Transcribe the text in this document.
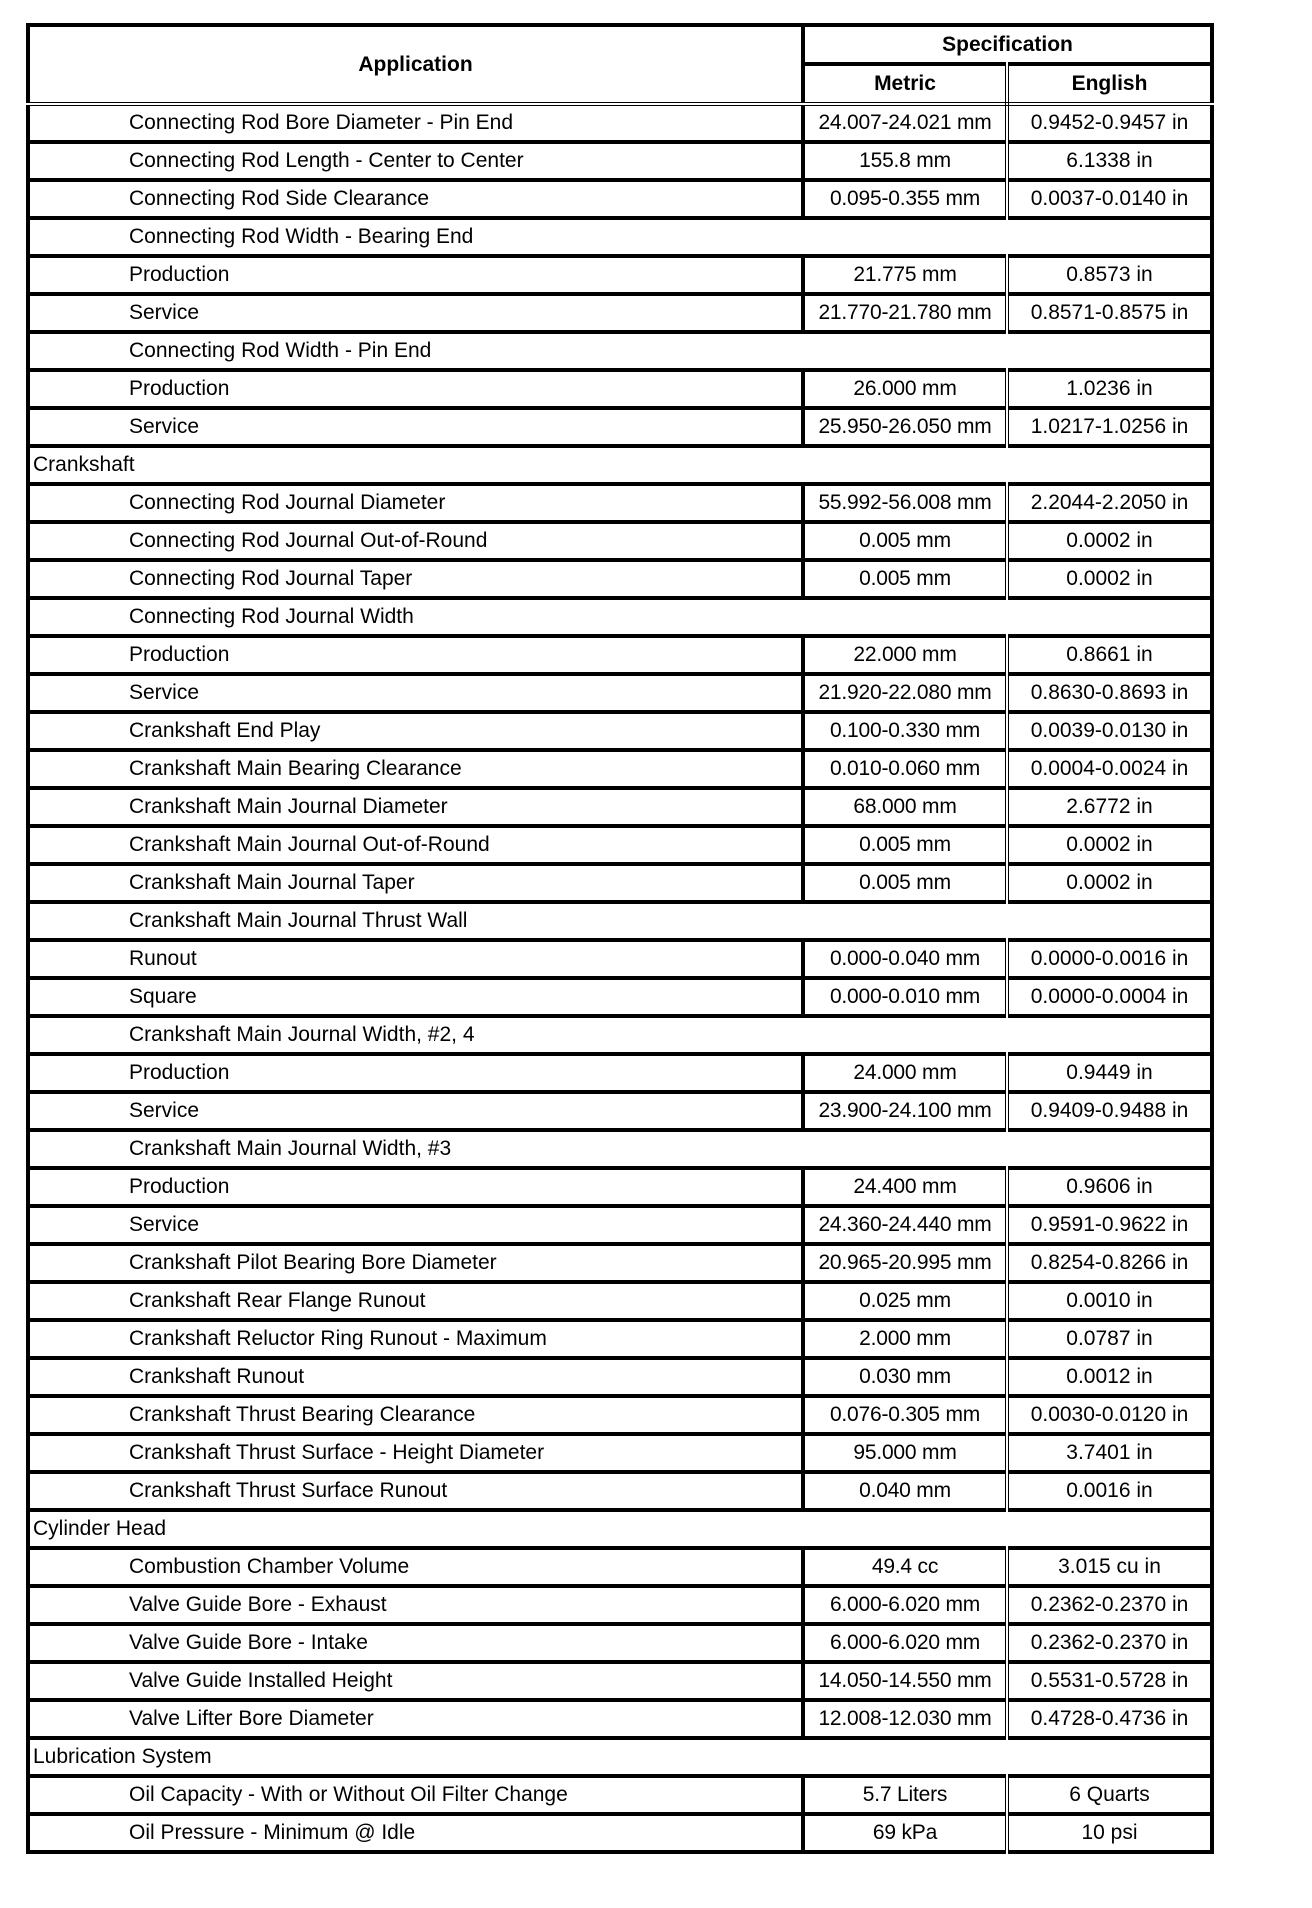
Application	Specification	
	Metric	English
Connecting Rod Bore Diameter - Pin End	24.007-24.021 mm	0.9452-0.9457 in
Connecting Rod Length - Center to Center	155.8 mm	6.1338 in
Connecting Rod Side Clearance	0.095-0.355 mm	0.0037-0.0140 in
Connecting Rod Width - Bearing End		
Production	21.775 mm	0.8573 in
Service	21.770-21.780 mm	0.8571-0.8575 in
Connecting Rod Width - Pin End		
Production	26.000 mm	1.0236 in
Service	25.950-26.050 mm	1.0217-1.0256 in
Crankshaft		
Connecting Rod Journal Diameter	55.992-56.008 mm	2.2044-2.2050 in
Connecting Rod Journal Out-of-Round	0.005 mm	0.0002 in
Connecting Rod Journal Taper	0.005 mm	0.0002 in
Connecting Rod Journal Width		
Production	22.000 mm	0.8661 in
Service	21.920-22.080 mm	0.8630-0.8693 in
Crankshaft End Play	0.100-0.330 mm	0.0039-0.0130 in
Crankshaft Main Bearing Clearance	0.010-0.060 mm	0.0004-0.0024 in
Crankshaft Main Journal Diameter	68.000 mm	2.6772 in
Crankshaft Main Journal Out-of-Round	0.005 mm	0.0002 in
Crankshaft Main Journal Taper	0.005 mm	0.0002 in
Crankshaft Main Journal Thrust Wall		
Runout	0.000-0.040 mm	0.0000-0.0016 in
Square	0.000-0.010 mm	0.0000-0.0004 in
Crankshaft Main Journal Width, #2, 4		
Production	24.000 mm	0.9449 in
Service	23.900-24.100 mm	0.9409-0.9488 in
Crankshaft Main Journal Width, #3		
Production	24.400 mm	0.9606 in
Service	24.360-24.440 mm	0.9591-0.9622 in
Crankshaft Pilot Bearing Bore Diameter	20.965-20.995 mm	0.8254-0.8266 in
Crankshaft Rear Flange Runout	0.025 mm	0.0010 in
Crankshaft Reluctor Ring Runout - Maximum	2.000 mm	0.0787 in
Crankshaft Runout	0.030 mm	0.0012 in
Crankshaft Thrust Bearing Clearance	0.076-0.305 mm	0.0030-0.0120 in
Crankshaft Thrust Surface - Height Diameter	95.000 mm	3.7401 in
Crankshaft Thrust Surface Runout	0.040 mm	0.0016 in
Cylinder Head		
Combustion Chamber Volume	49.4 cc	3.015 cu in
Valve Guide Bore - Exhaust	6.000-6.020 mm	0.2362-0.2370 in
Valve Guide Bore - Intake	6.000-6.020 mm	0.2362-0.2370 in
Valve Guide Installed Height	14.050-14.550 mm	0.5531-0.5728 in
Valve Lifter Bore Diameter	12.008-12.030 mm	0.4728-0.4736 in
Lubrication System		
Oil Capacity - With or Without Oil Filter Change	5.7 Liters	6 Quarts
Oil Pressure - Minimum @ Idle	69 kPa	10 psi
